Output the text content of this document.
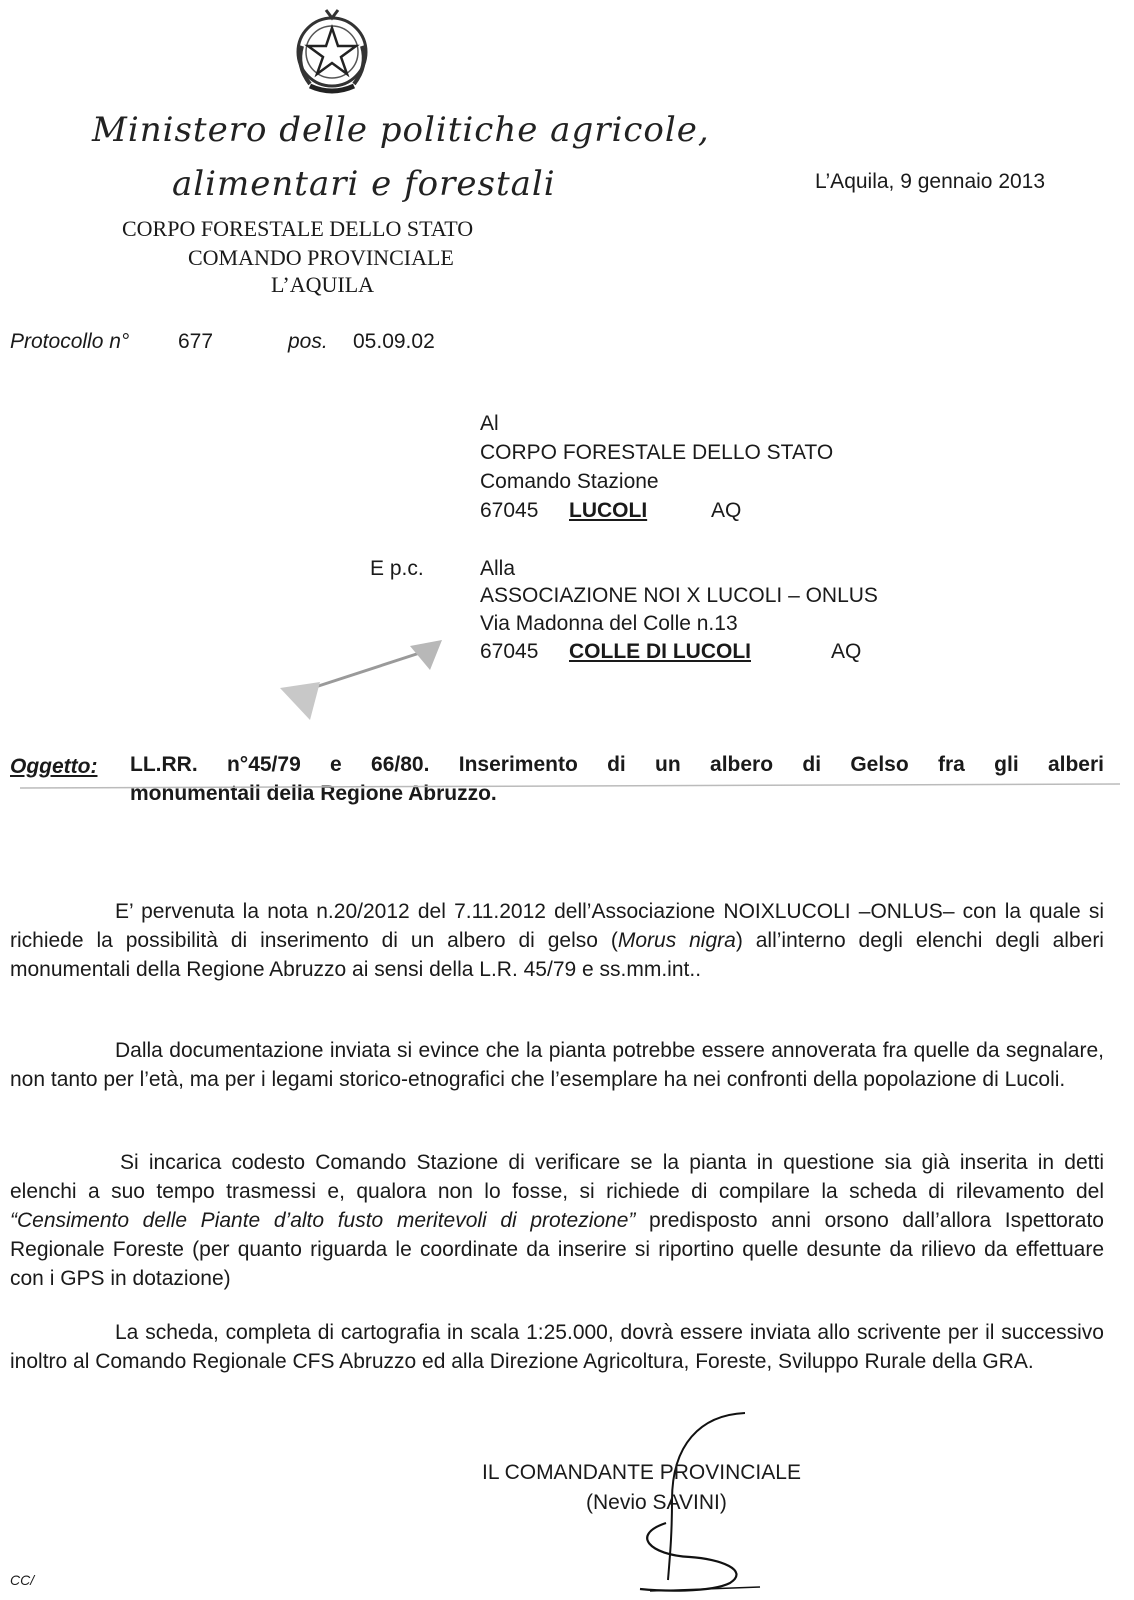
Ministero delle politiche agricole,
alimentari e forestali
CORPO FORESTALE DELLO STATO
COMANDO PROVINCIALE
L’AQUILA
L’Aquila, 9 gennaio 2013
Protocollo n° 677	pos. 05.09.02
Al
CORPO FORESTALE DELLO STATO
Comando Stazione
67045 LUCOLI	AQ
E p.c.	Alla
ASSOCIAZIONE NOI X LUCOLI – ONLUS
Via Madonna del Colle n.13
67045 COLLE DI LUCOLI	AQ
Oggetto: LL.RR. n°45/79 e 66/80. Inserimento di un albero di Gelso fra gli alberi
monumentali della Regione Abruzzo.
E’ pervenuta la nota n.20/2012 del 7.11.2012 dell’Associazione NOIXLUCOLI –ONLUS– con la quale si richiede la possibilità di inserimento di un albero di gelso (Morus nigra) all’interno degli elenchi degli alberi monumentali della Regione Abruzzo ai sensi della L.R. 45/79 e ss.mm.int..
Dalla documentazione inviata si evince che la pianta potrebbe essere annoverata fra quelle da segnalare, non tanto per l’età, ma per i legami storico-etnografici che l’esemplare ha nei confronti della popolazione di Lucoli.
Si incarica codesto Comando Stazione di verificare se la pianta in questione sia già inserita in detti elenchi a suo tempo trasmessi e, qualora non lo fosse, si richiede di compilare la scheda di rilevamento del “Censimento delle Piante d’alto fusto meritevoli di protezione” predisposto anni orsono dall’allora Ispettorato Regionale Foreste (per quanto riguarda le coordinate da inserire si riportino quelle desunte da rilievo da effettuare con i GPS in dotazione)
La scheda, completa di cartografia in scala 1:25.000, dovrà essere inviata allo scrivente per il successivo inoltro al Comando Regionale CFS Abruzzo ed alla Direzione Agricoltura, Foreste, Sviluppo Rurale della GRA.
IL COMANDANTE PROVINCIALE
(Nevio SAVINI)
CC/
